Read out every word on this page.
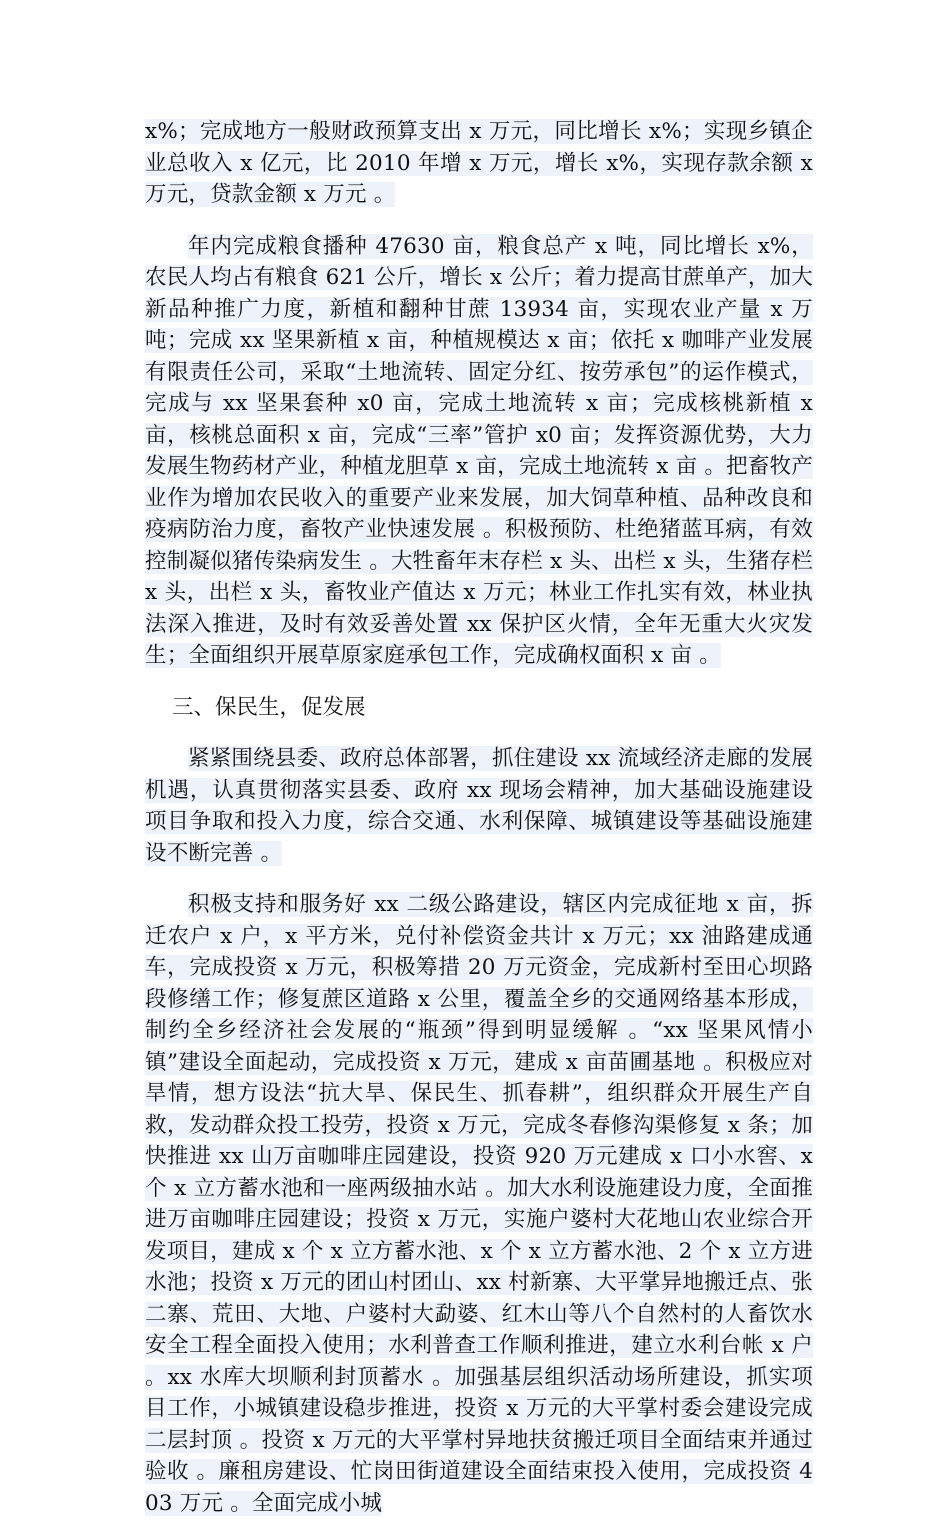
x%；完成地方一般财政预算支出 x 万元，同比增长 x%；实现乡镇企业总收入 x 亿元，比 2010 年增 x 万元，增长 x%，实现存款余额 x 万元，贷款金额 x 万元 。

年内完成粮食播种 47630 亩，粮食总产 x 吨，同比增长 x%，农民人均占有粮食 621 公斤，增长 x 公斤；着力提高甘蔗单产，加大新品种推广力度，新植和翻种甘蔗 13934 亩，实现农业产量 x 万吨；完成 xx 坚果新植 x 亩，种植规模达 x 亩；依托 x 咖啡产业发展有限责任公司，采取“土地流转、固定分红、按劳承包”的运作模式，完成与 xx 坚果套种 x0 亩，完成土地流转 x 亩；完成核桃新植 x 亩，核桃总面积 x 亩，完成“三率”管护 x0 亩；发挥资源优势，大力发展生物药材产业，种植龙胆草 x 亩，完成土地流转 x 亩 。把畜牧产业作为增加农民收入的重要产业来发展，加大饲草种植、品种改良和疫病防治力度，畜牧产业快速发展 。积极预防、杜绝猪蓝耳病，有效控制凝似猪传染病发生 。大牲畜年末存栏 x 头、出栏 x 头，生猪存栏 x 头，出栏 x 头，畜牧业产值达 x 万元；林业工作扎实有效，林业执法深入推进，及时有效妥善处置 xx 保护区火情，全年无重大火灾发生；全面组织开展草原家庭承包工作，完成确权面积 x 亩 。

三、保民生，促发展

紧紧围绕县委、政府总体部署，抓住建设 xx 流域经济走廊的发展机遇，认真贯彻落实县委、政府 xx 现场会精神，加大基础设施建设项目争取和投入力度，综合交通、水利保障、城镇建设等基础设施建设不断完善 。

积极支持和服务好 xx 二级公路建设，辖区内完成征地 x 亩，拆迁农户 x 户，x 平方米，兑付补偿资金共计 x 万元；xx 油路建成通车，完成投资 x 万元，积极筹措 20 万元资金，完成新村至田心坝路段修缮工作；修复蔗区道路 x 公里，覆盖全乡的交通网络基本形成，制约全乡经济社会发展的“瓶颈”得到明显缓解 。“xx 坚果风情小镇”建设全面起动，完成投资 x 万元，建成 x 亩苗圃基地 。积极应对旱情，想方设法“抗大旱、保民生、抓春耕”，组织群众开展生产自救，发动群众投工投劳，投资 x 万元，完成冬春修沟渠修复 x 条；加快推进 xx 山万亩咖啡庄园建设，投资 920 万元建成 x 口小水窖、x 个 x 立方蓄水池和一座两级抽水站 。加大水利设施建设力度，全面推进万亩咖啡庄园建设；投资 x 万元，实施户婆村大花地山农业综合开发项目，建成 x 个 x 立方蓄水池、x 个 x 立方蓄水池、2 个 x 立方进水池；投资 x 万元的团山村团山、xx 村新寨、大平掌异地搬迁点、张二寨、荒田、大地、户婆村大勐婆、红木山等八个自然村的人畜饮水安全工程全面投入使用；水利普查工作顺利推进，建立水利台帐 x 户 。xx 水库大坝顺利封顶蓄水 。加强基层组织活动场所建设，抓实项目工作，小城镇建设稳步推进，投资 x 万元的大平掌村委会建设完成二层封顶 。投资 x 万元的大平掌村异地扶贫搬迁项目全面结束并通过验收 。廉租房建设、忙岗田街道建设全面结束投入使用，完成投资 403 万元 。全面完成小城
